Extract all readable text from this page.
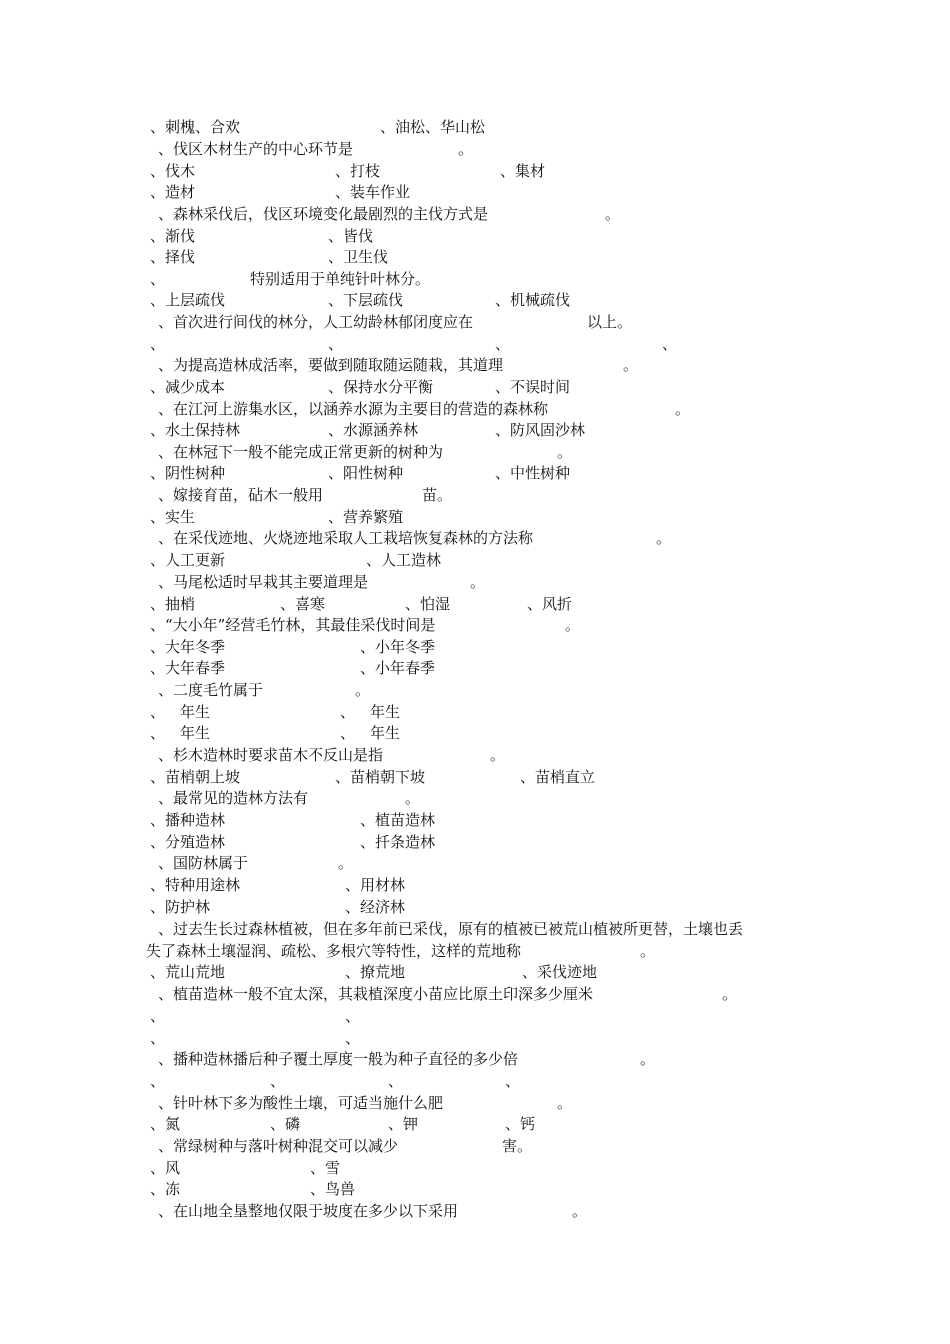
、刺槐、合欢	、油松、华山松
、伐区木材生产的中心环节是	。
、伐木	、打枝	、集材
、造材	、装车作业
、森林采伐后，伐区环境变化最剧烈的主伐方式是	。
、渐伐	、皆伐
、择伐	、卫生伐
、	特别适用于单纯针叶林分。
、上层疏伐	、下层疏伐	、机械疏伐
、首次进行间伐的林分，人工幼龄林郁闭度应在	以上。
、	、	、	、
、为提高造林成活率，要做到随取随运随栽，其道理	。
、减少成本	、保持水分平衡	、不误时间
、在江河上游集水区，以涵养水源为主要目的营造的森林称	。
、水土保持林	、水源涵养林	、防风固沙林
、在林冠下一般不能完成正常更新的树种为	。
、阴性树种	、阳性树种	、中性树种
、嫁接育苗，砧木一般用	苗。
、实生	、营养繁殖
、在采伐迹地、火烧迹地采取人工栽培恢复森林的方法称	。
、人工更新	、人工造林
、马尾松适时早栽其主要道理是	。
、抽梢	、喜寒	、怕湿	、风折
、“大小年”经营毛竹林，其最佳采伐时间是	。
、大年冬季	、小年冬季
、大年春季	、小年春季
、二度毛竹属于	。
、 年生	、 年生
、 年生	、 年生
、杉木造林时要求苗木不反山是指	。
、苗梢朝上坡	、苗梢朝下坡	、苗梢直立
、最常见的造林方法有	。
、播种造林	、植苗造林
、分殖造林	、扦条造林
、国防林属于	。
、特种用途林	、用材林
、防护林	、经济林
、过去生长过森林植被，但在多年前已采伐，原有的植被已被荒山植被所更替，土壤也丢
失了森林土壤湿润、疏松、多根穴等特性，这样的荒地称	。
、荒山荒地	、撩荒地	、采伐迹地
、植苗造林一般不宜太深，其栽植深度小苗应比原土印深多少厘米	。
、	、
、	、
、播种造林播后种子覆土厚度一般为种子直径的多少倍	。
、	、	、	、
、针叶林下多为酸性土壤，可适当施什么肥	。
、氮	、磷	、钾	、钙
、常绿树种与落叶树种混交可以减少	害。
、风	、雪
、冻	、鸟兽
、在山地全垦整地仅限于坡度在多少以下采用	。
